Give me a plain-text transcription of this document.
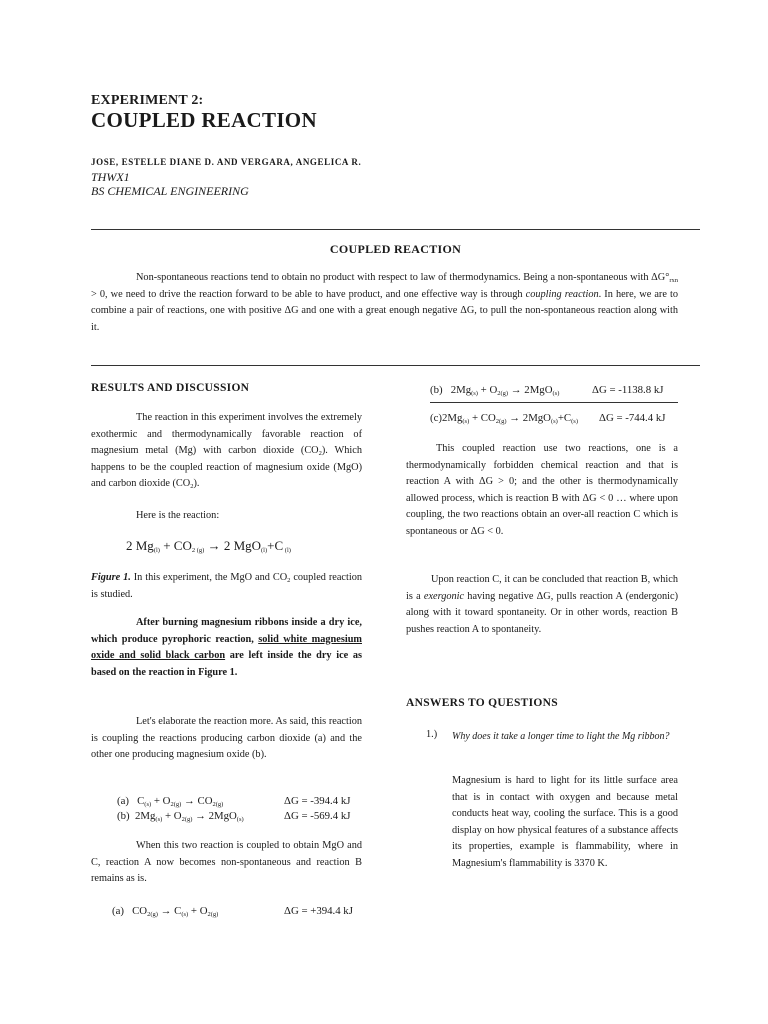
EXPERIMENT 2:
COUPLED REACTION
JOSE, ESTELLE DIANE D. AND VERGARA, ANGELICA R.
THWX1
BS CHEMICAL ENGINEERING
COUPLED REACTION
Non-spontaneous reactions tend to obtain no product with respect to law of thermodynamics. Being a non-spontaneous with $\Delta G^\circ_{rxn} > 0$, we need to drive the reaction forward to be able to have product, and one effective way is through coupling reaction. In here, we are to combine a pair of reactions, one with positive ΔG and one with a great enough negative ΔG, to pull the non-spontaneous reaction along with it.
RESULTS AND DISCUSSION
The reaction in this experiment involves the extremely exothermic and thermodynamically favorable reaction of magnesium metal (Mg) with carbon dioxide $(CO_2)$. Which happens to be the coupled reaction of magnesium oxide (MgO) and carbon dioxide $(CO_2)$.
Here is the reaction:
2 $Mg_{(l)} + CO_{2 (g)} \to 2$ MgO$_{(l)}$+C $_{(l)}$
Figure 1. In this experiment, the MgO and $CO_2$ coupled reaction is studied.
After burning magnesium ribbons inside a dry ice, which produce pyrophoric reaction, solid white magnesium oxide and solid black carbon are left inside the dry ice as based on the reaction in Figure 1.
Let's elaborate the reaction more. As said, this reaction is coupling the reactions producing carbon dioxide (a) and the other one producing magnesium oxide (b).
(a) $C_{(s)} + O_{2(g)} \to CO_{2(g)}$	ΔG = -394.4 kJ
(b) $2Mg_{(s)} + O_{2(g)} \to 2MgO_{(s)}$	ΔG = -569.4 kJ
When this two reaction is coupled to obtain MgO and C, reaction A now becomes non-spontaneous and reaction B remains as is.
(a) $CO_{2(g)} \to C_{(s)} + O_{2(g)}$	ΔG = +394.4 kJ
(b) $2Mg_{(s)} + O_{2(g)} \to 2MgO_{(s)}$	ΔG = -1138.8 kJ
$(c)2Mg_{(s)} + CO_{2(g)} \to 2MgO_{(s)}+C_{(s)}$ ΔG = -744.4 kJ
This coupled reaction use two reactions, one is a thermodynamically forbidden chemical reaction and that is reaction A with ΔG > 0; and the other is thermodynamically allowed process, which is reaction B with ΔG < 0 … where upon coupling, the two reactions obtain an over-all reaction C which is spontaneous or ΔG < 0.
Upon reaction C, it can be concluded that reaction B, which is a exergonic having negative ΔG, pulls reaction A (endergonic) along with it toward spontaneity. Or in other words, reaction B pushes reaction A to spontaneity.
ANSWERS TO QUESTIONS
1.) Why does it take a longer time to light the Mg ribbon?
Magnesium is hard to light for its little surface area that is in contact with oxygen and because metal conducts heat way, cooling the surface. This is a good display on how physical features of a substance affects its properties, example is flammability, where in Magnesium's flammability is 3370 K.
